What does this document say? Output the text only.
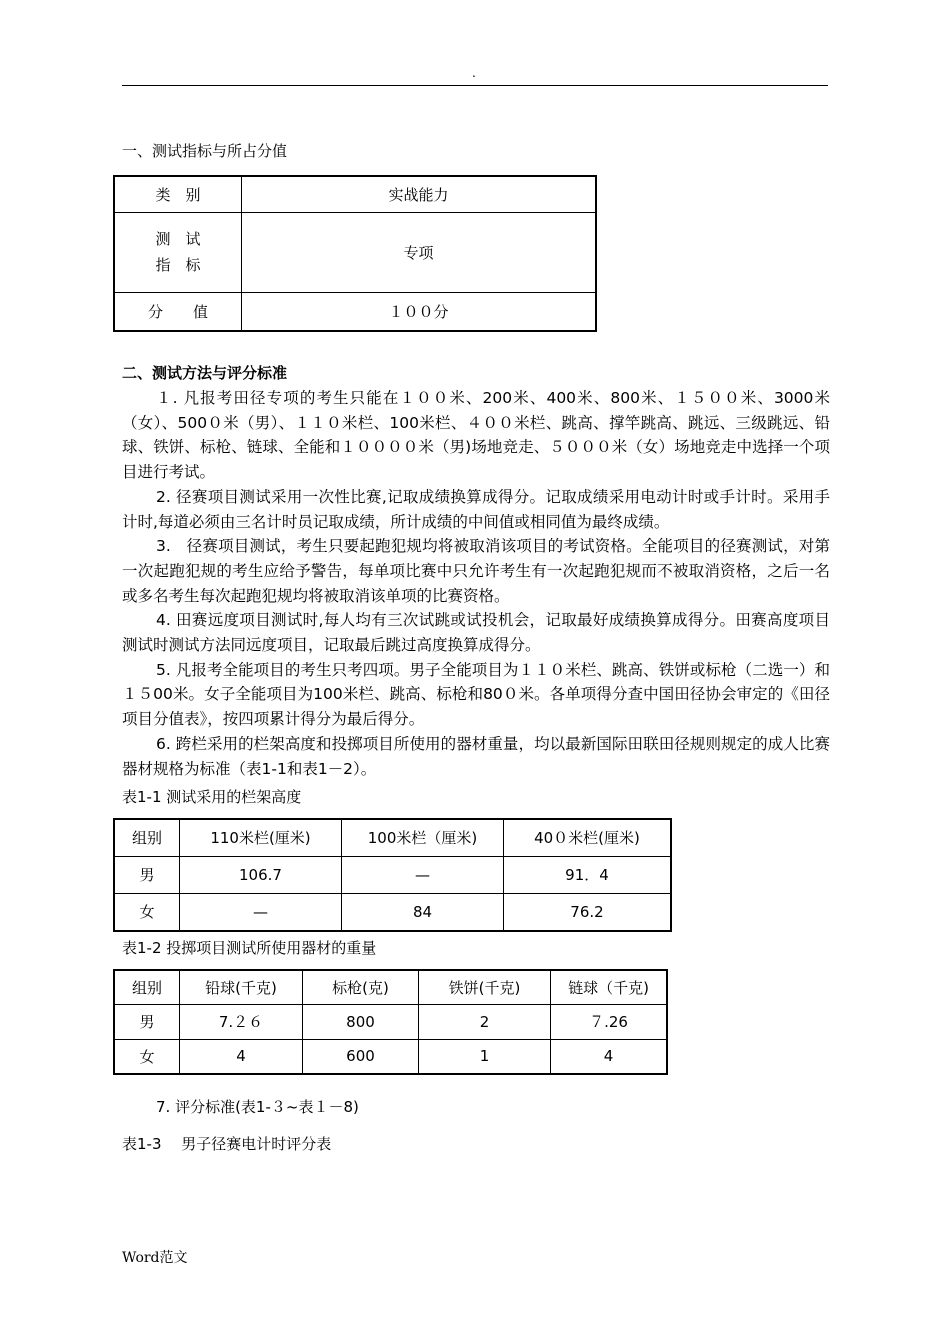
.
一、测试指标与所占分值
类　别	实战能力

测　试
指　标	专项
分　　值	１００分
二、测试方法与评分标准

１. 凡报考田径专项的考生只能在１００米、200米、400米、800米、１５００米、3000米（女）、500０米（男）、１１０米栏、100米栏、４００米栏、跳高、撑竿跳高、跳远、三级跳远、铅球、铁饼、标枪、链球、全能和１００００米（男)场地竞走、５０００米（女）场地竞走中选择一个项目进行考试。

2. 径赛项目测试采用一次性比赛,记取成绩换算成得分。记取成绩采用电动计时或手计时。采用手计时,每道必须由三名计时员记取成绩，所计成绩的中间值或相同值为最终成绩。

3.　径赛项目测试，考生只要起跑犯规均将被取消该项目的考试资格。全能项目的径赛测试，对第一次起跑犯规的考生应给予警告，每单项比赛中只允许考生有一次起跑犯规而不被取消资格，之后一名或多名考生每次起跑犯规均将被取消该单项的比赛资格。

4. 田赛远度项目测试时,每人均有三次试跳或试投机会，记取最好成绩换算成得分。田赛高度项目测试时测试方法同远度项目，记取最后跳过高度换算成得分。

5. 凡报考全能项目的考生只考四项。男子全能项目为１１０米栏、跳高、铁饼或标枪（二选一）和１５00米。女子全能项目为100米栏、跳高、标枪和80０米。各单项得分查中国田径协会审定的《田径项目分值表》，按四项累计得分为最后得分。

6. 跨栏采用的栏架高度和投掷项目所使用的器材重量，均以最新国际田联田径规则规定的成人比赛器材规格为标准（表1-1和表1－2）。

表1-1 测试采用的栏架高度
组别	110米栏(厘米)	100米栏（厘米)	40０米栏(厘米)
男	106.7	—	91．4
女	—	84	76.2
表1-2 投掷项目测试所使用器材的重量
组别	铅球(千克)	标枪(克)	铁饼(千克)	链球（千克)
男	7.２６	800	2	７.26
女	4	600	1	4
7. 评分标准(表1-３~表１－8)
表1-3　 男子径赛电计时评分表
Word范文
